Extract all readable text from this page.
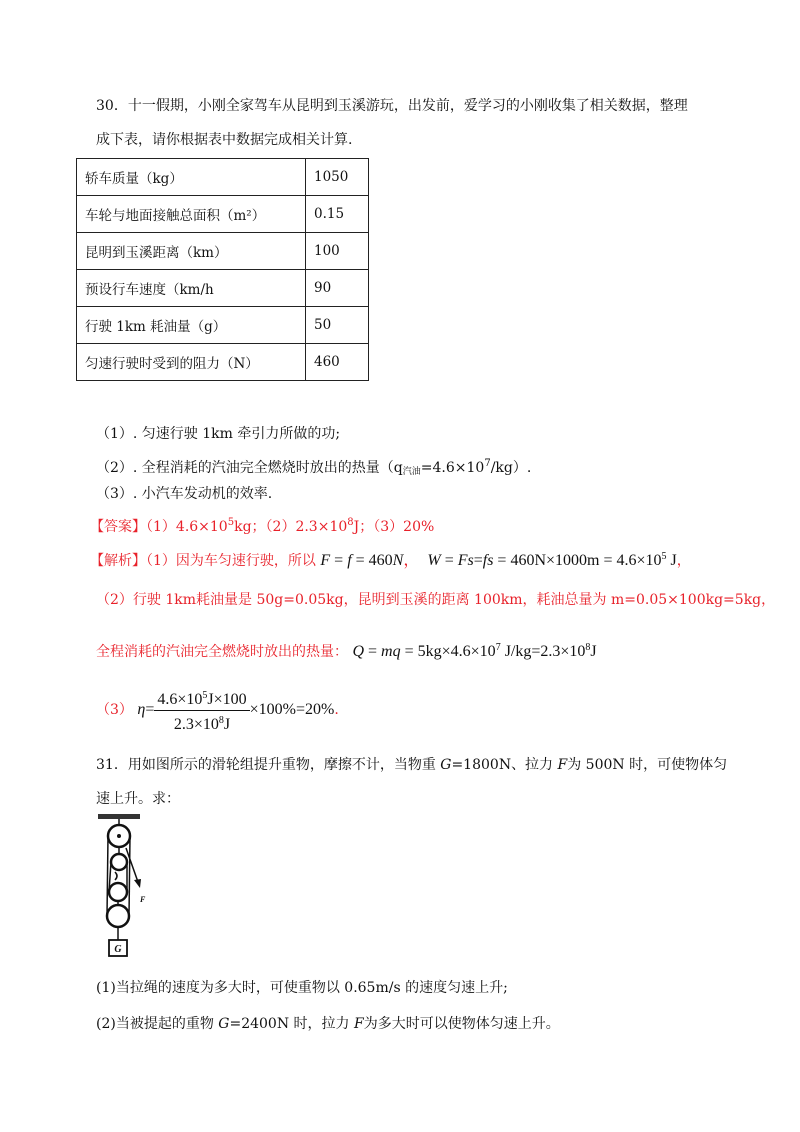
30．十一假期，小刚全家驾车从昆明到玉溪游玩，出发前，爱学习的小刚收集了相关数据，整理
成下表，请你根据表中数据完成相关计算.
轿车质量（kg）	1050
车轮与地面接触总面积（m²）	0.15
昆明到玉溪距离（km）	100
预设行车速度（km/h	90
行驶 1km 耗油量（g）	50
匀速行驶时受到的阻力（N）	460
（1）. 匀速行驶 1km 牵引力所做的功;
（2）. 全程消耗的汽油完全燃烧时放出的热量$(q_{汽油}=4.6\times 10^7/kg)$.
（3）. 小汽车发动机的效率.
【答案】$(1)4.6\times 10^5kg$；$(2)2.3\times 10^8J$；（3）20%
【解析】（1）因为车匀速行驶，所以 F = f = 460N， $W = Fs=fs = 460N\times 1000m = 4.6\times 10^5$ J，
（2）行驶 1km耗油量是 50g=0.05kg，昆明到玉溪的距离 100km，耗油总量为 m=0.05×100kg=5kg，
全程消耗的汽油完全燃烧时放出的热量： Q = mq = $5kg\times 4.6\times 10^7$ $J/kg=2.3\times 10^8J$
（3） $\eta= \frac{4.6\times 10^5J\times 100}{2.3\times 10^8J} \times 100\%=20\%$.
31．用如图所示的滑轮组提升重物，摩擦不计，当物重 G=1800N、拉力 F为 500N 时，可使物体匀
速上升。求：
F
G
(1)当拉绳的速度为多大时，可使重物以 0.65m/s 的速度匀速上升;
(2)当被提起的重物 G=2400N 时，拉力 F为多大时可以使物体匀速上升。
